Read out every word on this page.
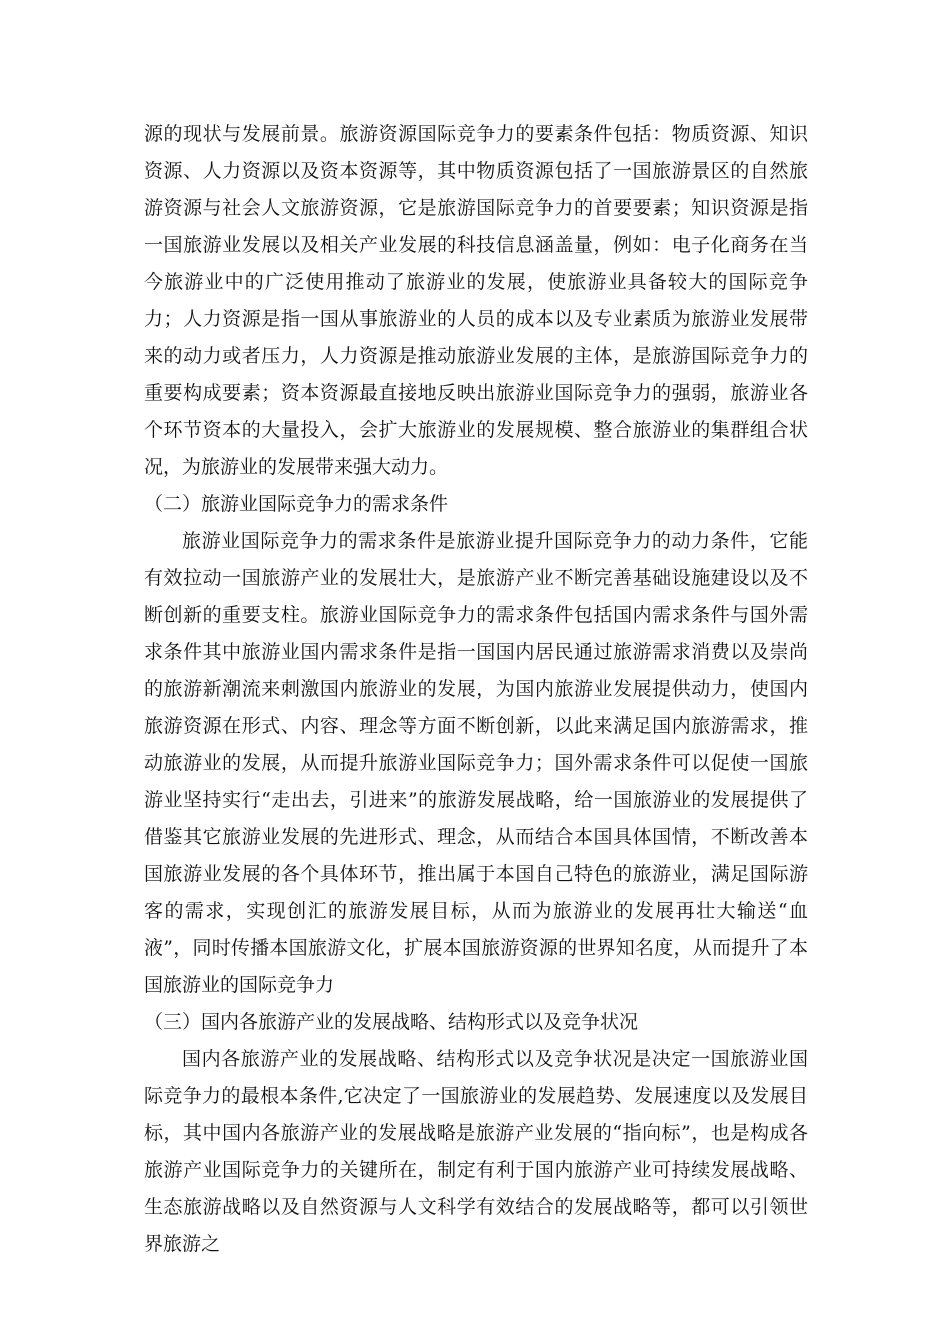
源的现状与发展前景。旅游资源国际竞争力的要素条件包括：物质资源、知识资源、人力资源以及资本资源等，其中物质资源包括了一国旅游景区的自然旅游资源与社会人文旅游资源，它是旅游国际竞争力的首要要素；知识资源是指一国旅游业发展以及相关产业发展的科技信息涵盖量，例如：电子化商务在当今旅游业中的广泛使用推动了旅游业的发展，使旅游业具备较大的国际竞争力；人力资源是指一国从事旅游业的人员的成本以及专业素质为旅游业发展带来的动力或者压力，人力资源是推动旅游业发展的主体，是旅游国际竞争力的重要构成要素；资本资源最直接地反映出旅游业国际竞争力的强弱，旅游业各个环节资本的大量投入，会扩大旅游业的发展规模、整合旅游业的集群组合状况，为旅游业的发展带来强大动力。

（二）旅游业国际竞争力的需求条件

旅游业国际竞争力的需求条件是旅游业提升国际竞争力的动力条件，它能有效拉动一国旅游产业的发展壮大，是旅游产业不断完善基础设施建设以及不断创新的重要支柱。旅游业国际竞争力的需求条件包括国内需求条件与国外需求条件其中旅游业国内需求条件是指一国国内居民通过旅游需求消费以及崇尚的旅游新潮流来刺激国内旅游业的发展，为国内旅游业发展提供动力，使国内旅游资源在形式、内容、理念等方面不断创新，以此来满足国内旅游需求，推动旅游业的发展，从而提升旅游业国际竞争力；国外需求条件可以促使一国旅游业坚持实行“走出去，引进来”的旅游发展战略，给一国旅游业的发展提供了借鉴其它旅游业发展的先进形式、理念，从而结合本国具体国情，不断改善本国旅游业发展的各个具体环节，推出属于本国自己特色的旅游业，满足国际游客的需求，实现创汇的旅游发展目标，从而为旅游业的发展再壮大输送“血液”，同时传播本国旅游文化，扩展本国旅游资源的世界知名度，从而提升了本国旅游业的国际竞争力

（三）国内各旅游产业的发展战略、结构形式以及竞争状况

国内各旅游产业的发展战略、结构形式以及竞争状况是决定一国旅游业国际竞争力的最根本条件,它决定了一国旅游业的发展趋势、发展速度以及发展目标，其中国内各旅游产业的发展战略是旅游产业发展的“指向标”，也是构成各旅游产业国际竞争力的关键所在，制定有利于国内旅游产业可持续发展战略、生态旅游战略以及自然资源与人文科学有效结合的发展战略等，都可以引领世界旅游之
